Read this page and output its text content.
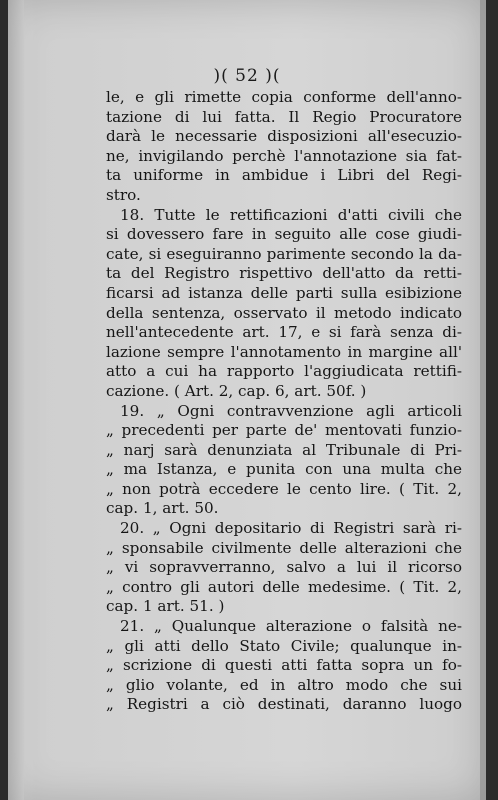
)( 52 )(
le, e gli rimette copia conforme dell'anno-
tazione di lui fatta. Il Regio Procuratore
darà le necessarie disposizioni all'esecuzio-
ne, invigilando perchè l'annotazione sia fat-
ta uniforme in ambidue i Libri del Regi-
stro.
18. Tutte le rettificazioni d'atti civili che
si dovessero fare in seguito alle cose giudi-
cate, si eseguiranno parimente secondo la da-
ta del Registro rispettivo dell'atto da retti-
ficarsi ad istanza delle parti sulla esibizione
della sentenza, osservato il metodo indicato
nell'antecedente art. 17, e si farà senza di-
lazione sempre l'annotamento in margine all'
atto a cui ha rapporto l'aggiudicata rettifi-
cazione. ( Art. 2, cap. 6, art. 50f. )
19. „ Ogni contravvenzione agli articoli
„ precedenti per parte de' mentovati funzio-
„ narj sarà denunziata al Tribunale di Pri-
„ ma Istanza, e punita con una multa che
„ non potrà eccedere le cento lire. ( Tit. 2,
cap. 1, art. 50.
20. „ Ogni depositario di Registri sarà ri-
„ sponsabile civilmente delle alterazioni che
„ vi sopravverranno, salvo a lui il ricorso
„ contro gli autori delle medesime. ( Tit. 2,
cap. 1 art. 51. )
21. „ Qualunque alterazione o falsità ne-
„ gli atti dello Stato Civile; qualunque in-
„ scrizione di questi atti fatta sopra un fo-
„ glio volante, ed in altro modo che sui
„ Registri a ciò destinati, daranno luogo
